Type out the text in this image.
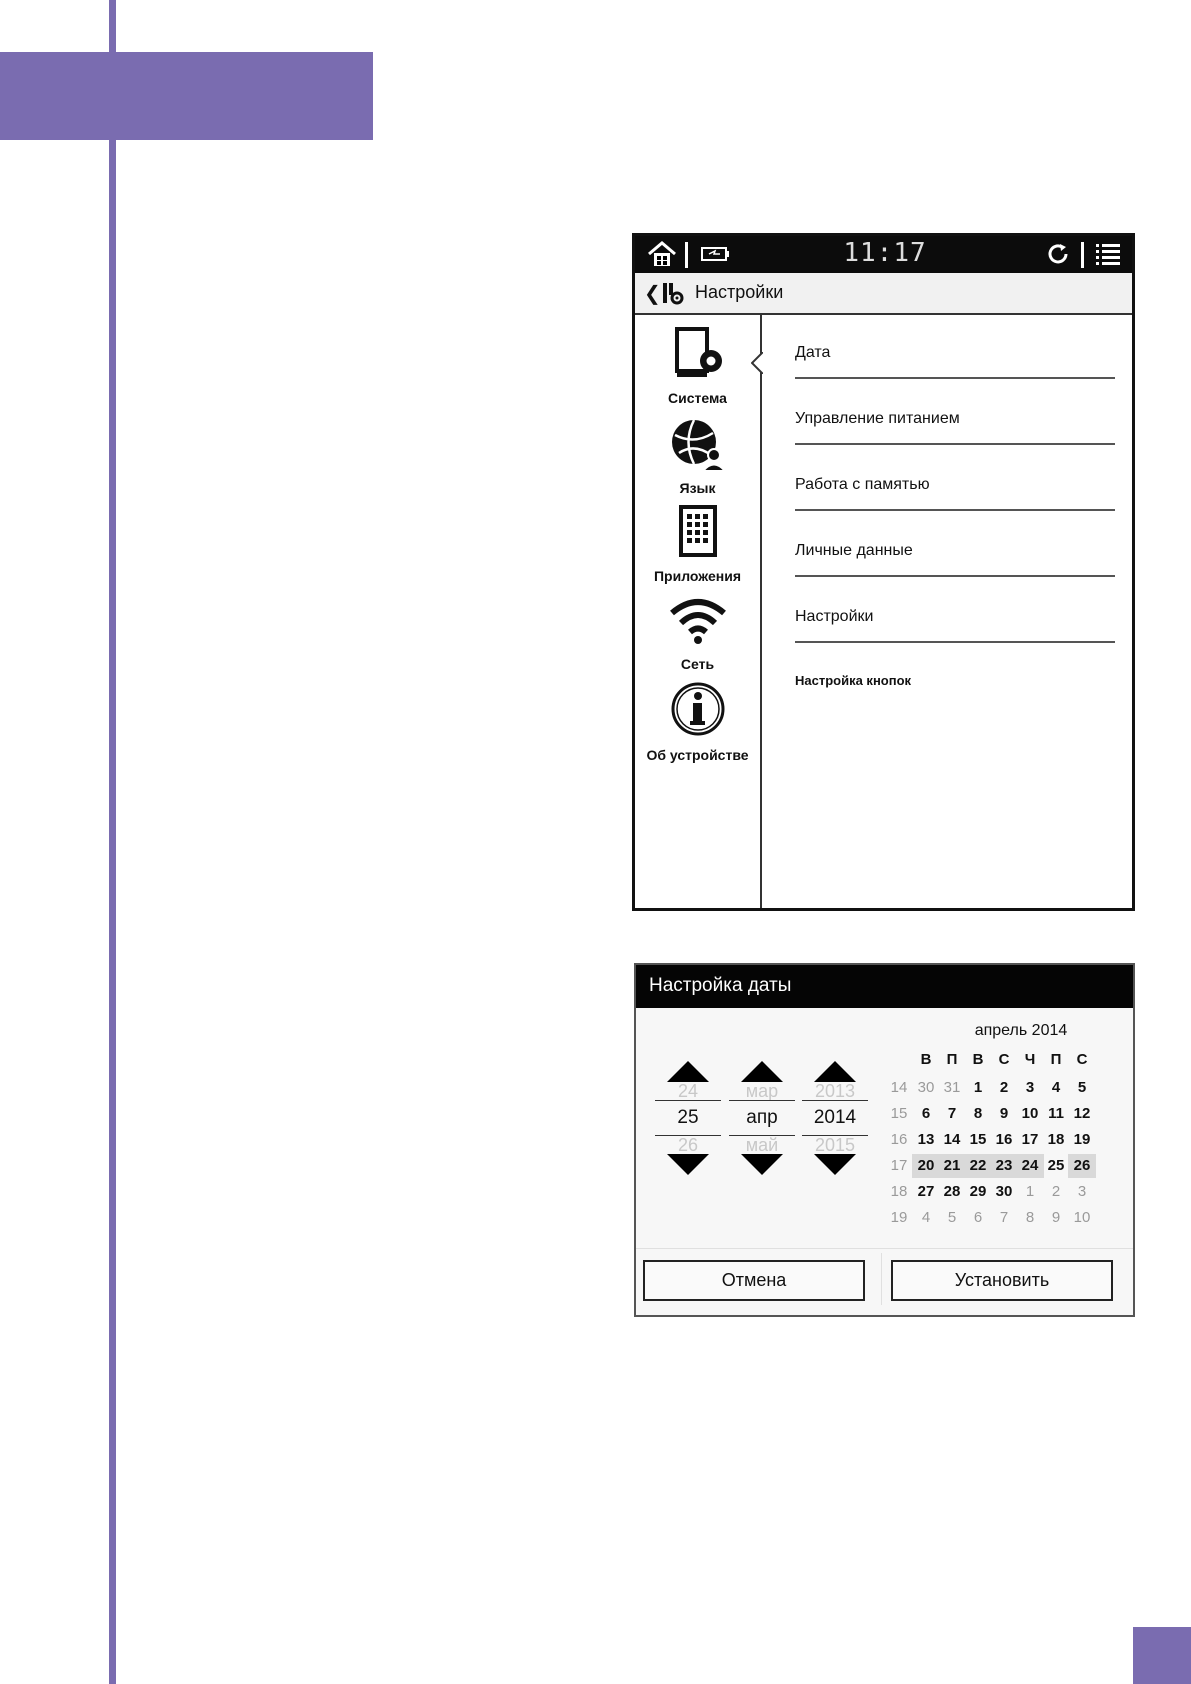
11:17
❮ Настройки
Система
Язык
Приложения
Сеть
Об устройстве
Дата
Управление питанием
Работа с памятью
Личные данные
Настройки
Настройка кнопок
Настройка даты
24
25
26
мар
апр
май
2013
2014
2015
апрель 2014
В	П	В	С	Ч	П	С
14 30 31 1	2	3	4	5
15 6	7	8	9 10 11 12
16 13 14 15 16 17 18 19
17 20 21 22 23 24 25 26
18 27 28 29 30 1	2	3
19 4	5	6	7	8	9 10
Отмена	Установить
